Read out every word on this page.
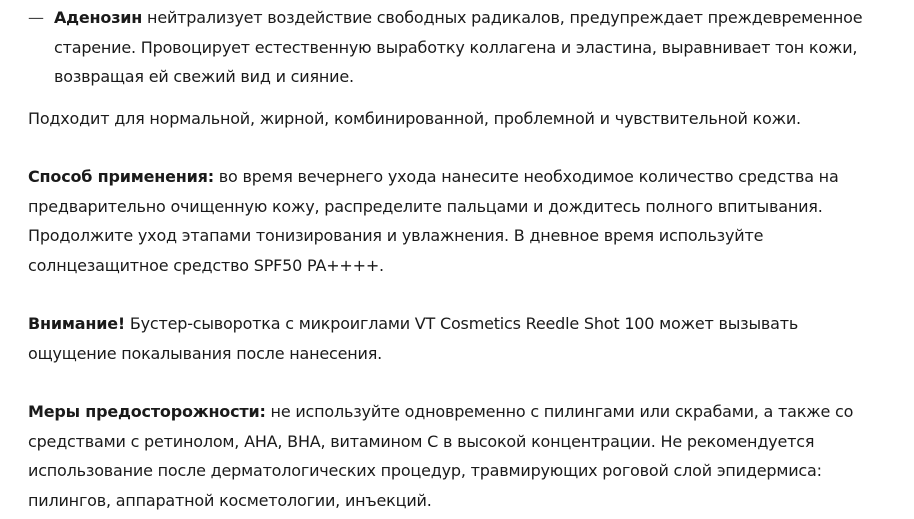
— Аденозин нейтрализует воздействие свободных радикалов, предупреждает преждевременное старение. Провоцирует естественную выработку коллагена и эластина, выравнивает тон кожи, возвращая ей свежий вид и сияние.

Подходит для нормальной, жирной, комбинированной, проблемной и чувствительной кожи.

Способ применения: во время вечернего ухода нанесите необходимое количество средства на предварительно очищенную кожу, распределите пальцами и дождитесь полного впитывания. Продолжите уход этапами тонизирования и увлажнения. В дневное время используйте солнцезащитное средство SPF50 PA++++.

Внимание! Бустер-сыворотка с микроиглами VT Cosmetics Reedle Shot 100 может вызывать ощущение покалывания после нанесения.

Меры предосторожности: не используйте одновременно с пилингами или скрабами, а также со средствами с ретинолом, AHA, BHA, витамином С в высокой концентрации. Не рекомендуется использование после дерматологических процедур, травмирующих роговой слой эпидермиса: пилингов, аппаратной косметологии, инъекций.
